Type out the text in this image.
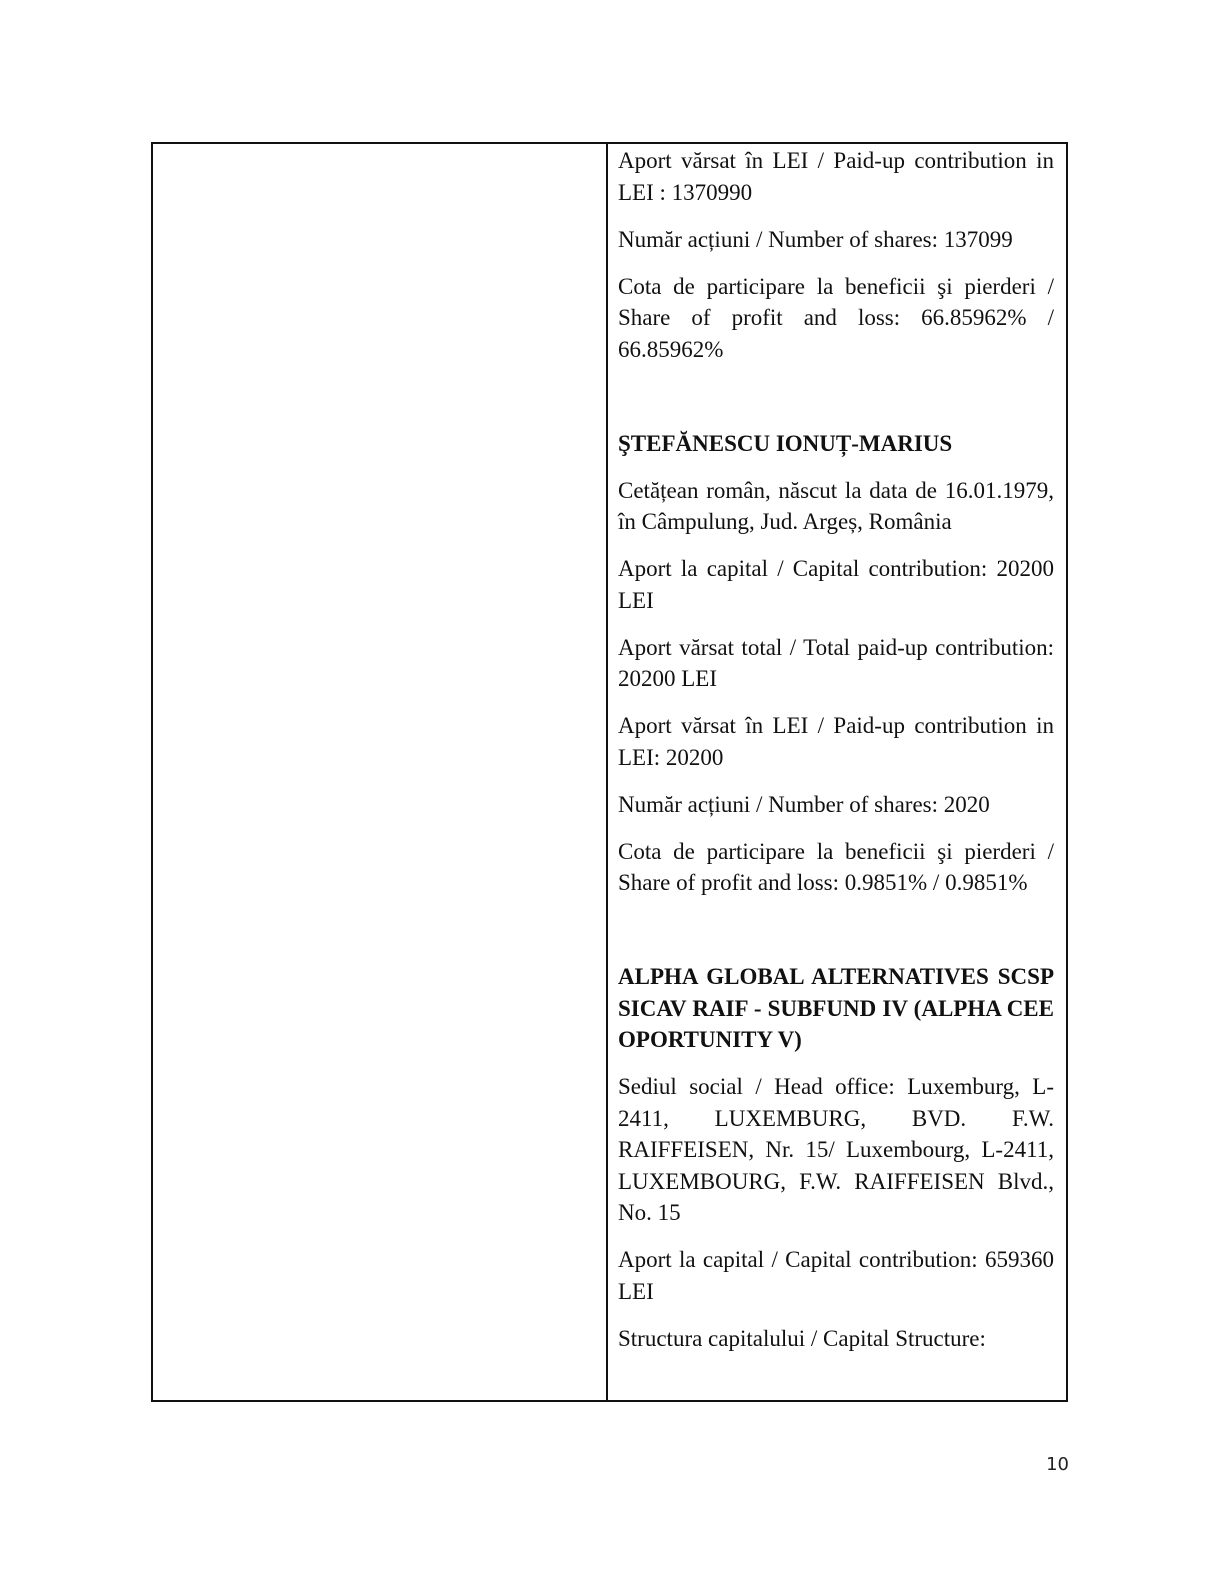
Aport vărsat în LEI / Paid-up contribution in LEI : 1370990

Număr acțiuni / Number of shares: 137099

Cota de participare la beneficii şi pierderi / Share of profit and loss: 66.85962% / 66.85962%

ŞTEFĂNESCU IONUȚ-MARIUS

Cetățean român, născut la data de 16.01.1979, în Câmpulung, Jud. Argeș, România

Aport la capital / Capital contribution: 20200 LEI

Aport vărsat total / Total paid-up contribution: 20200 LEI

Aport vărsat în LEI / Paid-up contribution in LEI: 20200

Număr acțiuni / Number of shares: 2020

Cota de participare la beneficii şi pierderi / Share of profit and loss: 0.9851% / 0.9851%

ALPHA GLOBAL ALTERNATIVES SCSP SICAV RAIF - SUBFUND IV (ALPHA CEE OPORTUNITY V)

Sediul social / Head office: Luxemburg, L-2411, LUXEMBURG, BVD. F.W. RAIFFEISEN, Nr. 15/ Luxembourg, L-2411, LUXEMBOURG, F.W. RAIFFEISEN Blvd., No. 15

Aport la capital / Capital contribution: 659360 LEI

Structura capitalului / Capital Structure:

10
